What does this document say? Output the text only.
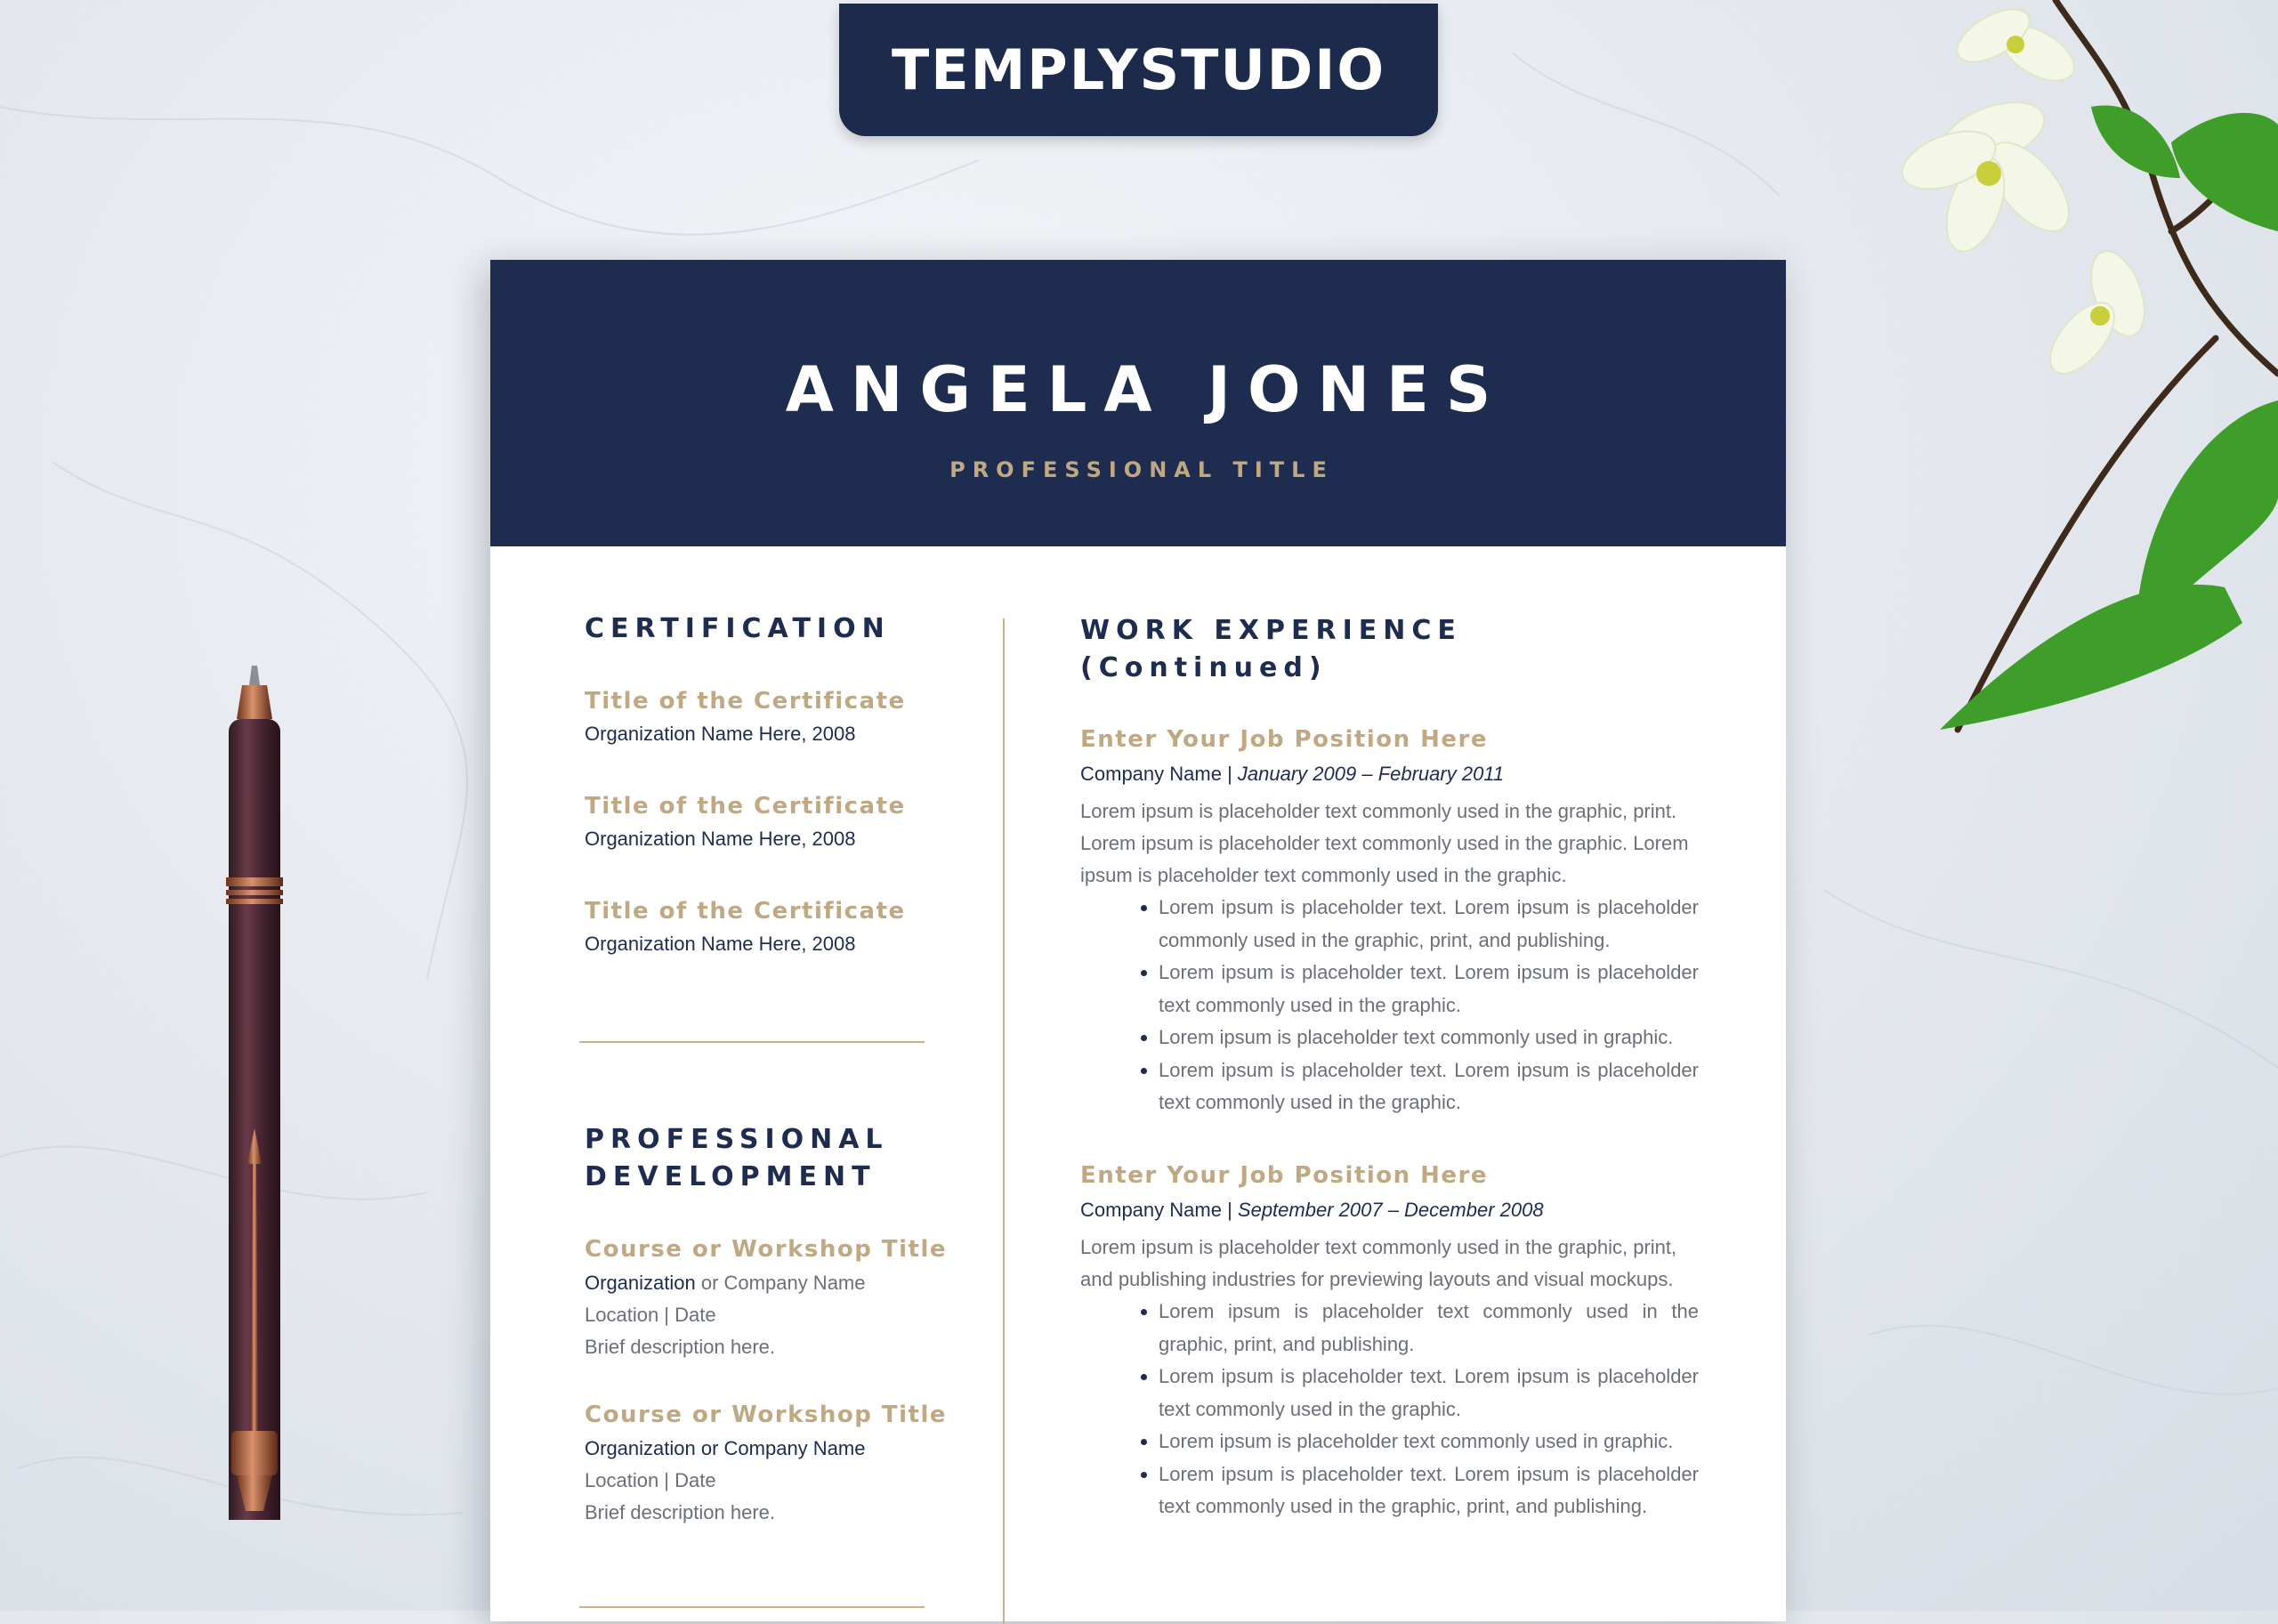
TEMPLYSTUDIO
ANGELA JONES
PROFESSIONAL TITLE
CERTIFICATION

Title of the Certificate

Organization Name Here, 2008

Title of the Certificate

Organization Name Here, 2008

Title of the Certificate

Organization Name Here, 2008

PROFESSIONAL
DEVELOPMENT

Course or Workshop Title

Organization or Company Name

Location | Date

Brief description here.

Course or Workshop Title

Organization or Company Name

Location | Date

Brief description here.

WORK EXPERIENCE
(Continued)

Enter Your Job Position Here

Company Name | January 2009 – February 2011

Lorem ipsum is placeholder text commonly used in the graphic, print. Lorem ipsum is placeholder text commonly used in the graphic. Lorem ipsum is placeholder text commonly used in the graphic.

• Lorem ipsum is placeholder text. Lorem ipsum is placeholder commonly used in the graphic, print, and publishing.
• Lorem ipsum is placeholder text. Lorem ipsum is placeholder text commonly used in the graphic.
• Lorem ipsum is placeholder text commonly used in graphic.
• Lorem ipsum is placeholder text. Lorem ipsum is placeholder text commonly used in the graphic.

Enter Your Job Position Here

Company Name | September 2007 – December 2008

Lorem ipsum is placeholder text commonly used in the graphic, print, and publishing industries for previewing layouts and visual mockups.

• Lorem ipsum is placeholder text commonly used in the graphic, print, and publishing.
• Lorem ipsum is placeholder text. Lorem ipsum is placeholder text commonly used in the graphic.
• Lorem ipsum is placeholder text commonly used in graphic.
• Lorem ipsum is placeholder text. Lorem ipsum is placeholder text commonly used in the graphic, print, and publishing.
